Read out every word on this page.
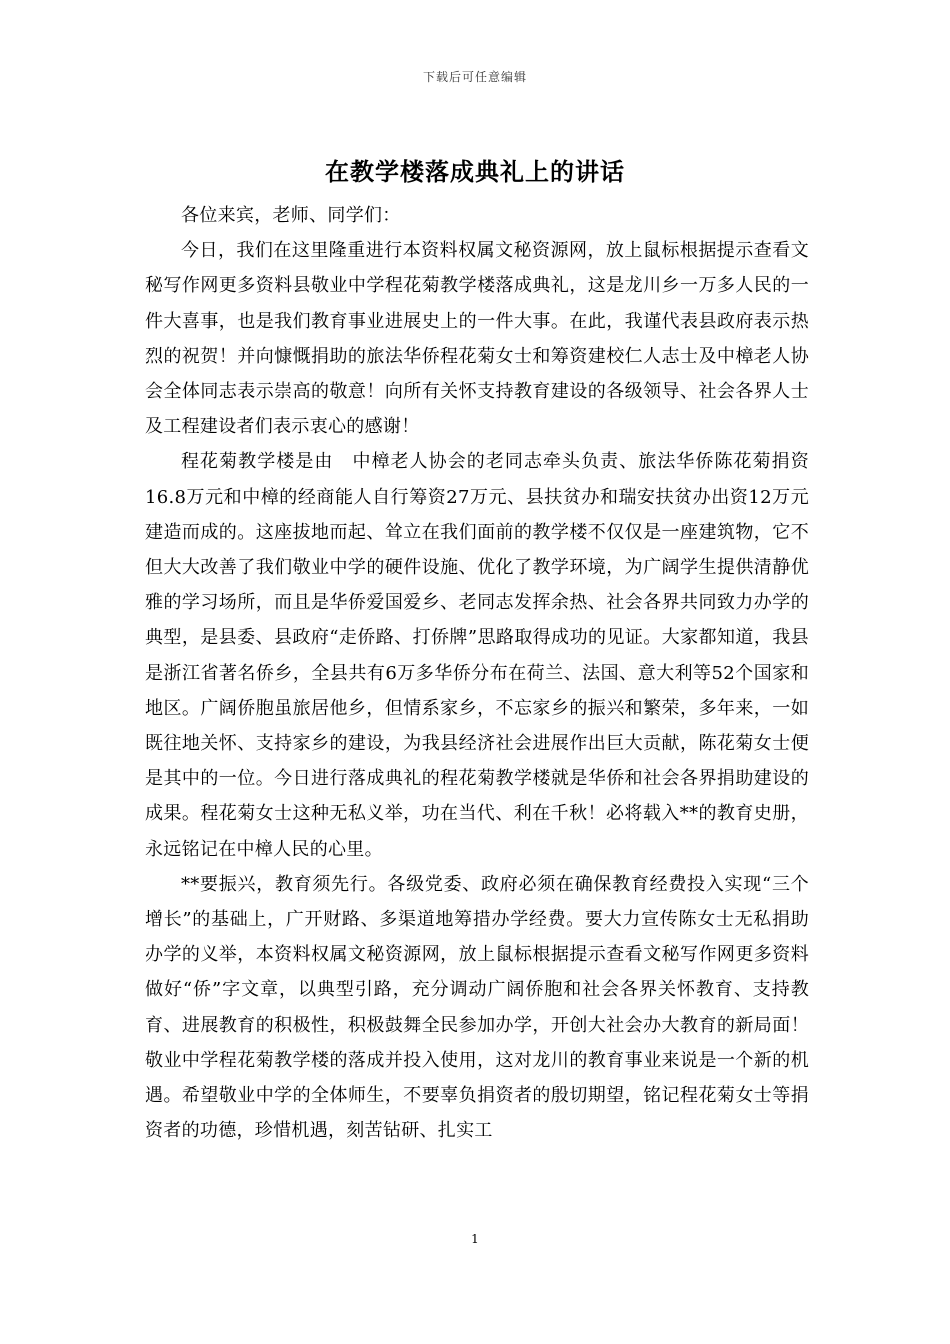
下载后可任意编辑
在教学楼落成典礼上的讲话

各位来宾，老师、同学们：

今日，我们在这里隆重进行本资料权属文秘资源网，放上鼠标根据提示查看文秘写作网更多资料县敬业中学程花菊教学楼落成典礼，这是龙川乡一万多人民的一件大喜事，也是我们教育事业进展史上的一件大事。在此，我谨代表县政府表示热烈的祝贺！并向慷慨捐助的旅法华侨程花菊女士和筹资建校仁人志士及中樟老人协会全体同志表示崇高的敬意！向所有关怀支持教育建设的各级领导、社会各界人士及工程建设者们表示衷心的感谢！

程花菊教学楼是由　中樟老人协会的老同志牵头负责、旅法华侨陈花菊捐资16.8万元和中樟的经商能人自行筹资27万元、县扶贫办和瑞安扶贫办出资12万元建造而成的。这座拔地而起、耸立在我们面前的教学楼不仅仅是一座建筑物，它不但大大改善了我们敬业中学的硬件设施、优化了教学环境，为广阔学生提供清静优雅的学习场所，而且是华侨爱国爱乡、老同志发挥余热、社会各界共同致力办学的典型，是县委、县政府“走侨路、打侨牌”思路取得成功的见证。大家都知道，我县是浙江省著名侨乡，全县共有6万多华侨分布在荷兰、法国、意大利等52个国家和地区。广阔侨胞虽旅居他乡，但情系家乡，不忘家乡的振兴和繁荣，多年来，一如既往地关怀、支持家乡的建设，为我县经济社会进展作出巨大贡献，陈花菊女士便是其中的一位。今日进行落成典礼的程花菊教学楼就是华侨和社会各界捐助建设的成果。程花菊女士这种无私义举，功在当代、利在千秋！必将载入**的教育史册，永远铭记在中樟人民的心里。

**要振兴，教育须先行。各级党委、政府必须在确保教育经费投入实现“三个增长”的基础上，广开财路、多渠道地筹措办学经费。要大力宣传陈女士无私捐助办学的义举，本资料权属文秘资源网，放上鼠标根据提示查看文秘写作网更多资料做好“侨”字文章，以典型引路，充分调动广阔侨胞和社会各界关怀教育、支持教育、进展教育的积极性，积极鼓舞全民参加办学，开创大社会办大教育的新局面！敬业中学程花菊教学楼的落成并投入使用，这对龙川的教育事业来说是一个新的机遇。希望敬业中学的全体师生，不要辜负捐资者的殷切期望，铭记程花菊女士等捐资者的功德，珍惜机遇，刻苦钻研、扎实工

1
